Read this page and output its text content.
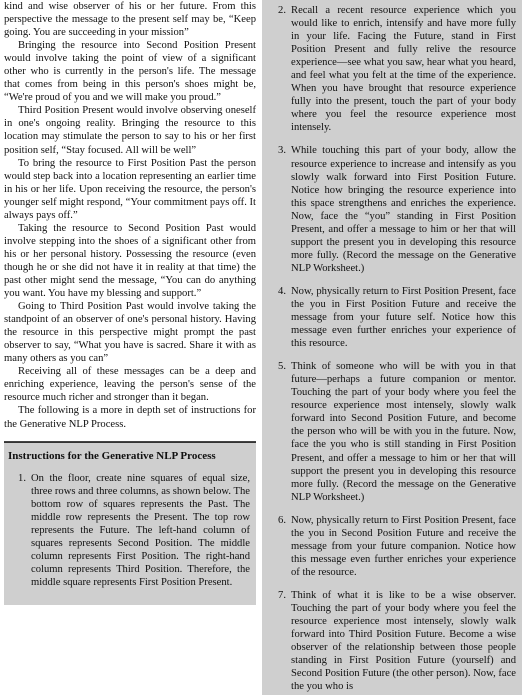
kind and wise observer of his or her future. From this perspective the message to the present self may be, “Keep going. You are succeeding in your mission”

Bringing the resource into Second Position Present would involve taking the point of view of a significant other who is currently in the person's life. The message that comes from being in this person's shoes might be, “We're proud of you and we will make you proud.”

Third Position Present would involve observing oneself in one's ongoing reality. Bringing the resource to this location may stimulate the person to say to his or her first position self, “Stay focused. All will be well”

To bring the resource to First Position Past the person would step back into a location representing an earlier time in his or her life. Upon receiving the resource, the person's younger self might respond, “Your commitment pays off. It always pays off.”

Taking the resource to Second Position Past would involve stepping into the shoes of a significant other from his or her personal history. Possessing the resource (even though he or she did not have it in reality at that time) the past other might send the message, “You can do anything you want. You have my blessing and support.”

Going to Third Position Past would involve taking the standpoint of an observer of one's personal history. Having the resource in this perspective might prompt the past observer to say, “What you have is sacred. Share it with as many others as you can”

Receiving all of these messages can be a deep and enriching experience, leaving the person's sense of the resource much richer and stronger than it began.

The following is a more in depth set of instructions for the Generative NLP Process.

Instructions for the Generative NLP Process
1. On the floor, create nine squares of equal size, three rows and three columns, as shown below. The bottom row of squares represents the Past. The middle row represents the Present. The top row represents the Future. The left-hand column of squares represents Second Position. The middle column represents First Position. The right-hand column represents Third Position. Therefore, the middle square represents First Position Present.
2. Recall a recent resource experience which you would like to enrich, intensify and have more fully in your life. Facing the Future, stand in First Position Present and fully relive the resource experience—see what you saw, hear what you heard, and feel what you felt at the time of the experience. When you have brought that resource experience fully into the present, touch the part of your body where you feel the resource experience most intensely.
3. While touching this part of your body, allow the resource experience to increase and intensify as you slowly walk forward into First Position Future. Notice how bringing the resource experience into this space strengthens and enriches the experience. Now, face the “you” standing in First Position Present, and offer a message to him or her that will support the present you in developing this resource more fully. (Record the message on the Generative NLP Worksheet.)
4. Now, physically return to First Position Present, face the you in First Position Future and receive the message from your future self. Notice how this message even further enriches your experience of this resource.
5. Think of someone who will be with you in that future—perhaps a future companion or mentor. Touching the part of your body where you feel the resource experience most intensely, slowly walk forward into Second Position Future, and become the person who will be with you in the future. Now, face the you who is still standing in First Position Present, and offer a message to him or her that will support the present you in developing this resource more fully. (Record the message on the Generative NLP Worksheet.)
6. Now, physically return to First Position Present, face the you in Second Position Future and receive the message from your future companion. Notice how this message even further enriches your experience of the resource.
7. Think of what it is like to be a wise observer. Touching the part of your body where you feel the resource experience most intensely, slowly walk forward into Third Position Future. Become a wise observer of the relationship between those people standing in First Position Future (yourself) and Second Position Future (the other person). Now, face the you who is
